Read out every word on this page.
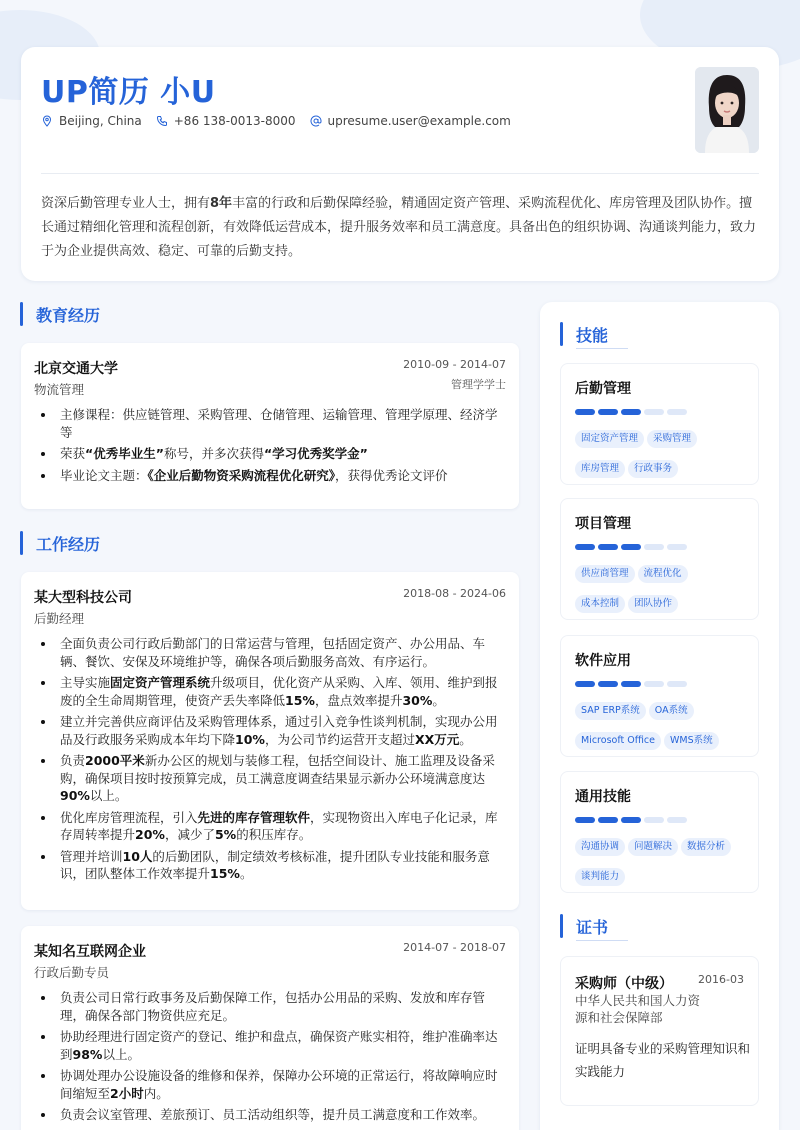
UP简历 小U
Beijing, China	+86 138-0013-8000	upresume.user@example.com
资深后勤管理专业人士，拥有8年丰富的行政和后勤保障经验，精通固定资产管理、采购流程优化、库房管理及团队协作。擅长通过精细化管理和流程创新，有效降低运营成本，提升服务效率和员工满意度。具备出色的组织协调、沟通谈判能力，致力于为企业提供高效、稳定、可靠的后勤支持。
教育经历
北京交通大学	2010-09 - 2014-07
物流管理	管理学学士
主修课程：供应链管理、采购管理、仓储管理、运输管理、管理学原理、经济学等
荣获“优秀毕业生”称号，并多次获得“学习优秀奖学金”
毕业论文主题：《企业后勤物资采购流程优化研究》，获得优秀论文评价
工作经历
某大型科技公司	2018-08 - 2024-06
后勤经理
全面负责公司行政后勤部门的日常运营与管理，包括固定资产、办公用品、车辆、餐饮、安保及环境维护等，确保各项后勤服务高效、有序运行。
主导实施固定资产管理系统升级项目，优化资产从采购、入库、领用、维护到报废的全生命周期管理，使资产丢失率降低15%，盘点效率提升30%。
建立并完善供应商评估及采购管理体系，通过引入竞争性谈判机制，实现办公用品及行政服务采购成本年均下降10%，为公司节约运营开支超过XX万元。
负责2000平米新办公区的规划与装修工程，包括空间设计、施工监理及设备采购，确保项目按时按预算完成，员工满意度调查结果显示新办公环境满意度达90%以上。
优化库房管理流程，引入先进的库存管理软件，实现物资出入库电子化记录，库存周转率提升20%，减少了5%的积压库存。
管理并培训10人的后勤团队，制定绩效考核标准，提升团队专业技能和服务意识，团队整体工作效率提升15%。
某知名互联网企业	2014-07 - 2018-07
行政后勤专员
负责公司日常行政事务及后勤保障工作，包括办公用品的采购、发放和库存管理，确保各部门物资供应充足。
协助经理进行固定资产的登记、维护和盘点，确保资产账实相符，维护准确率达到98%以上。
协调处理办公设施设备的维修和保养，保障办公环境的正常运行，将故障响应时间缩短至2小时内。
负责会议室管理、差旅预订、员工活动组织等，提升员工满意度和工作效率。
技能
后勤管理
固定资产管理 采购管理
库房管理 行政事务
项目管理
供应商管理 流程优化
成本控制 团队协作
软件应用
SAP ERP系统 OA系统
Microsoft Office WMS系统
通用技能
沟通协调 问题解决 数据分析
谈判能力
证书
采购师（中级） 2016-03
中华人民共和国人力资源和社会保障部
证明具备专业的采购管理知识和实践能力
